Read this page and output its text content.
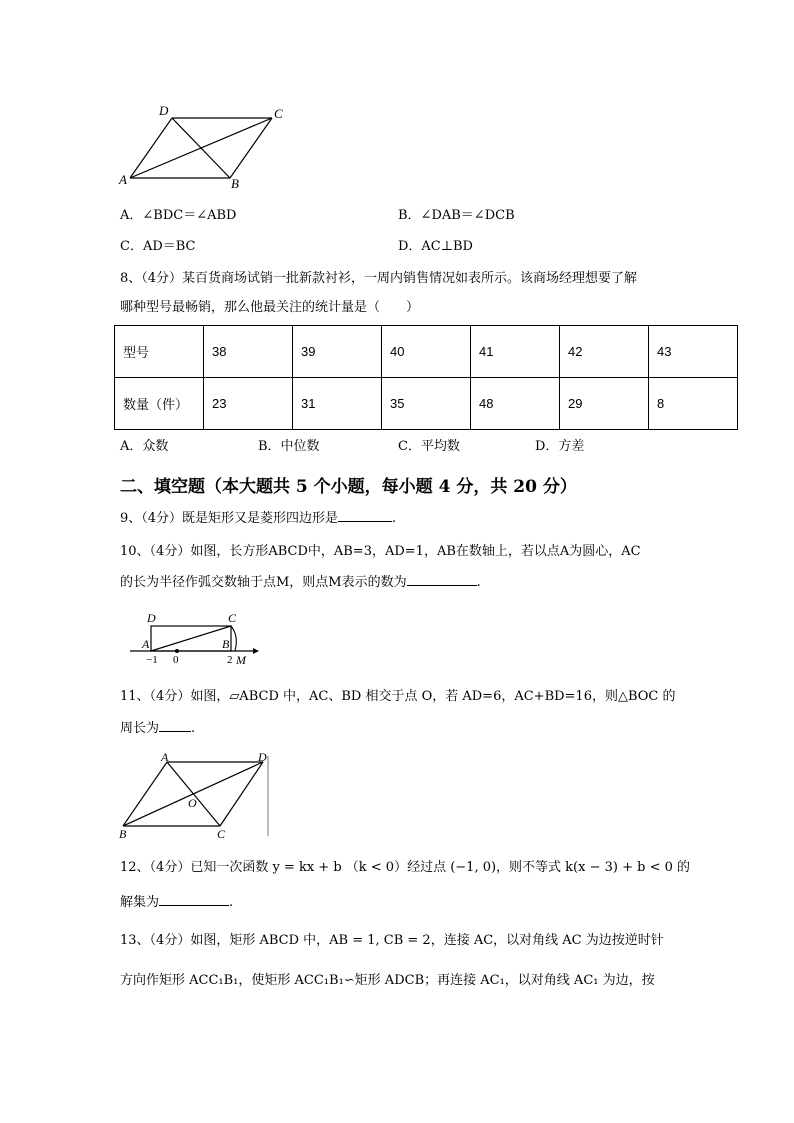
D	C
A	B
A．∠BDC＝∠ABD	B．∠DAB＝∠DCB
C．AD＝BC	D．AC⊥BD
8、（4分）某百货商场试销一批新款衬衫，一周内销售情况如表所示。该商场经理想要了解
哪种型号最畅销，那么他最关注的统计量是（　　）
型号	38	39	40	41	42	43
数量（件）	23	31	35	48	29	8
A．众数	B．中位数	C．平均数	D．方差
二、填空题（本大题共 5 个小题，每小题 4 分，共 20 分）
9、（4分）既是矩形又是菱形四边形是	.
10、（4分）如图，长方形ABCD中，AB=3，AD=1，AB在数轴上，若以点A为圆心，AC
的长为半径作弧交数轴于点M，则点M表示的数为	.
D	C
A	B
M
−1 0	2
11、（4分）如图，▱ABCD 中，AC、BD 相交于点 O，若 AD=6，AC+BD=16，则△BOC 的
周长为 .
A	D
O
B	C
12、（4分）已知一次函数 y = kx + b （k < 0）经过点 (−1, 0)，则不等式 k(x − 3) + b < 0 的
解集为	.
13、（4分）如图，矩形 ABCD 中，AB = 1, CB = 2，连接 AC，以对角线 AC 为边按逆时针
方向作矩形 ACC₁B₁，使矩形 ACC₁B₁∽矩形 ADCB；再连接 AC₁，以对角线 AC₁ 为边，按
